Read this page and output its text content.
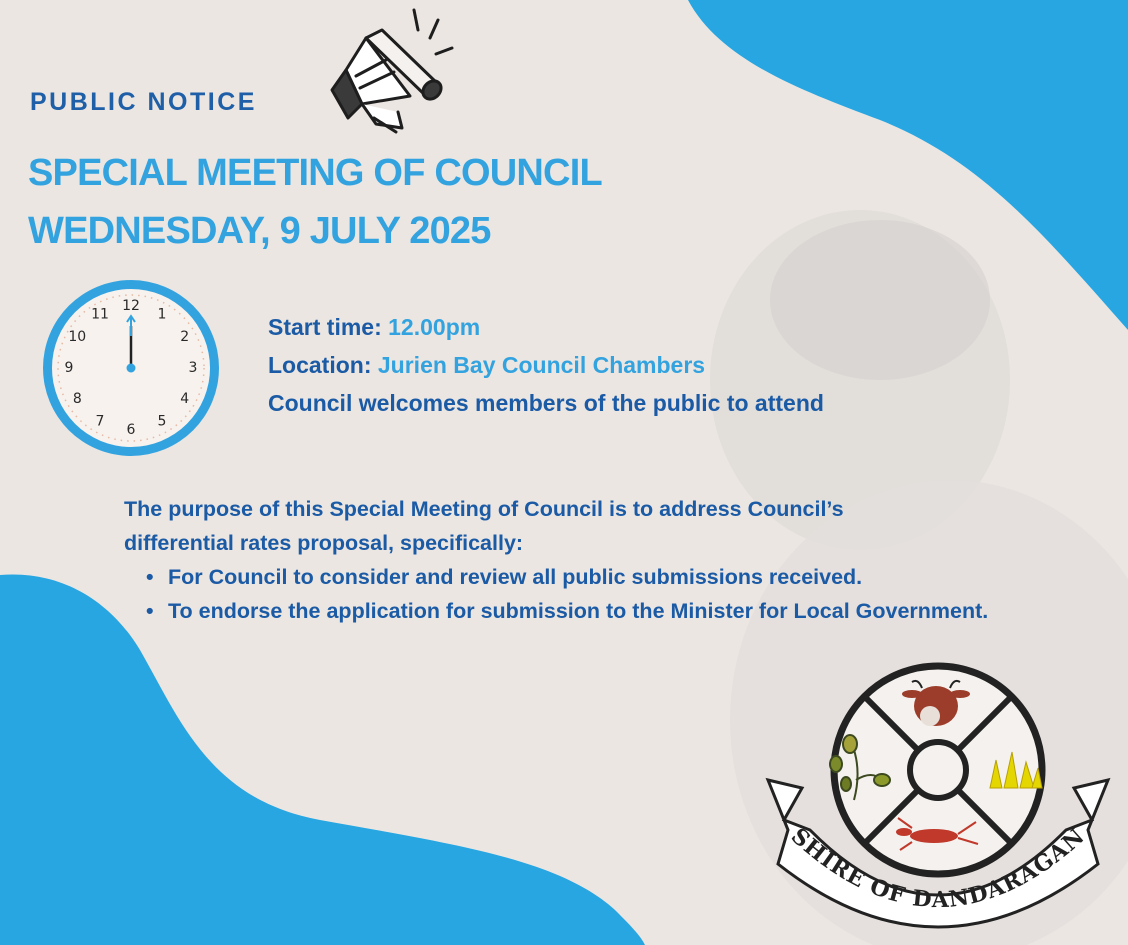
PUBLIC NOTICE
SPECIAL MEETING OF COUNCIL
WEDNESDAY, 9 JULY 2025
12
1
2
3
4
5
6
7
8
9
10
11	Start time: 12.00pm
Location: Jurien Bay Council Chambers
Council welcomes members of the public to attend
The purpose of this Special Meeting of Council is to address Council’s
differential rates proposal, specifically:
• For Council to consider and review all public submissions received.
• To endorse the application for submission to the Minister for Local Government.
SHIRE OF DANDARAGAN
